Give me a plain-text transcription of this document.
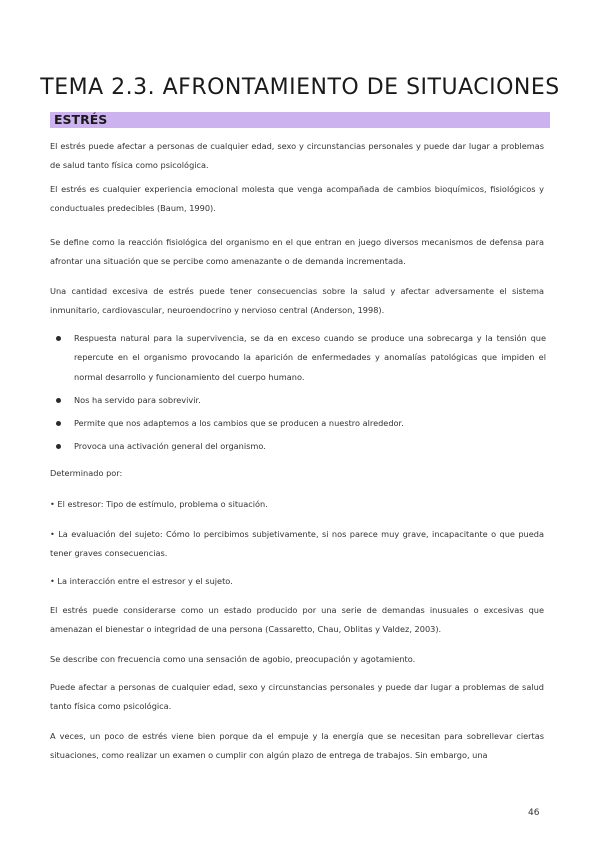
TEMA 2.3. AFRONTAMIENTO DE SITUACIONES
ESTRÉS

El estrés puede afectar a personas de cualquier edad, sexo y circunstancias personales y puede dar lugar a problemas de salud tanto física como psicológica.

El estrés es cualquier experiencia emocional molesta que venga acompañada de cambios bioquímicos, fisiológicos y conductuales predecibles (Baum, 1990).

Se define como la reacción fisiológica del organismo en el que entran en juego diversos mecanismos de defensa para afrontar una situación que se percibe como amenazante o de demanda incrementada.

Una cantidad excesiva de estrés puede tener consecuencias sobre la salud y afectar adversamente el sistema inmunitario, cardiovascular, neuroendocrino y nervioso central (Anderson, 1998).

Respuesta natural para la supervivencia, se da en exceso cuando se produce una sobrecarga y la tensión que repercute en el organismo provocando la aparición de enfermedades y anomalías patológicas que impiden el normal desarrollo y funcionamiento del cuerpo humano.
Nos ha servido para sobrevivir.
Permite que nos adaptemos a los cambios que se producen a nuestro alrededor.
Provoca una activación general del organismo.

Determinado por:

• El estresor: Tipo de estímulo, problema o situación.

• La evaluación del sujeto: Cómo lo percibimos subjetivamente, si nos parece muy grave, incapacitante o que pueda tener graves consecuencias.

• La interacción entre el estresor y el sujeto.

El estrés puede considerarse como un estado producido por una serie de demandas inusuales o excesivas que amenazan el bienestar o integridad de una persona (Cassaretto, Chau, Oblitas y Valdez, 2003).

Se describe con frecuencia como una sensación de agobio, preocupación y agotamiento.

Puede afectar a personas de cualquier edad, sexo y circunstancias personales y puede dar lugar a problemas de salud tanto física como psicológica.

A veces, un poco de estrés viene bien porque da el empuje y la energía que se necesitan para sobrellevar ciertas situaciones, como realizar un examen o cumplir con algún plazo de entrega de trabajos. Sin embargo, una

46
